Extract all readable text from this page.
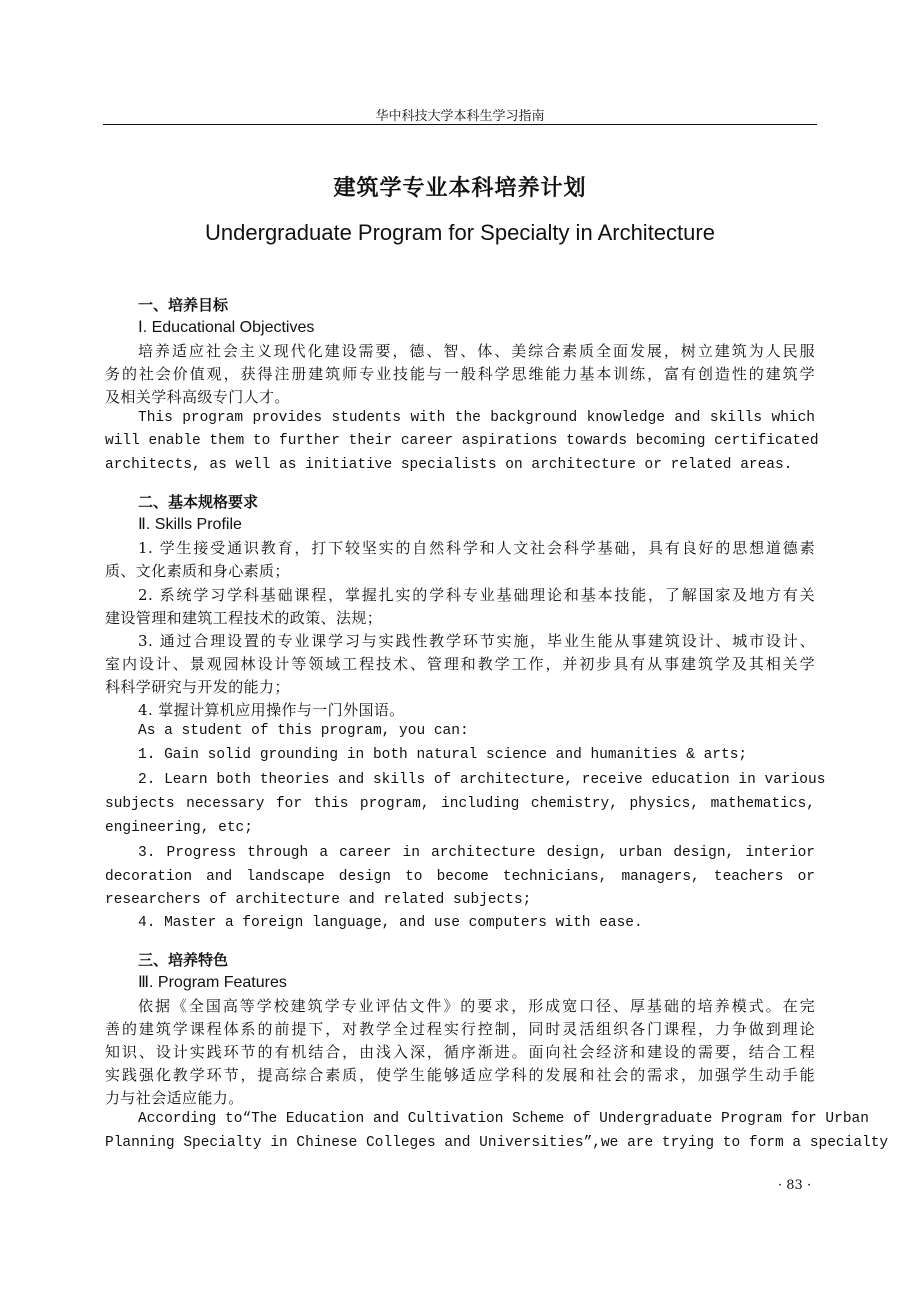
华中科技大学本科生学习指南
建筑学专业本科培养计划
Undergraduate Program for Specialty in Architecture
一、培养目标
Ⅰ. Educational Objectives
培养适应社会主义现代化建设需要，德、智、体、美综合素质全面发展，树立建筑为人民服
务的社会价值观，获得注册建筑师专业技能与一般科学思维能力基本训练，富有创造性的建筑学
及相关学科高级专门人才。
This program provides students with the background knowledge and skills which
will enable them to further their career aspirations towards becoming certificated
architects, as well as initiative specialists on architecture or related areas.
二、基本规格要求
Ⅱ. Skills Profile
1. 学生接受通识教育，打下较坚实的自然科学和人文社会科学基础，具有良好的思想道德素
质、文化素质和身心素质；
2. 系统学习学科基础课程，掌握扎实的学科专业基础理论和基本技能，了解国家及地方有关
建设管理和建筑工程技术的政策、法规；
3. 通过合理设置的专业课学习与实践性教学环节实施，毕业生能从事建筑设计、城市设计、
室内设计、景观园林设计等领域工程技术、管理和教学工作，并初步具有从事建筑学及其相关学
科科学研究与开发的能力；
4. 掌握计算机应用操作与一门外国语。
As a student of this program, you can:
1. Gain solid grounding in both natural science and humanities & arts;
2. Learn both theories and skills of architecture, receive education in various
subjects necessary for this program, including chemistry, physics, mathematics,
engineering, etc;
3. Progress through a career in architecture design, urban design, interior
decoration and landscape design to become technicians, managers, teachers or
researchers of architecture and related subjects;
4. Master a foreign language, and use computers with ease.
三、培养特色
Ⅲ. Program Features
依据《全国高等学校建筑学专业评估文件》的要求，形成宽口径、厚基础的培养模式。在完
善的建筑学课程体系的前提下，对教学全过程实行控制，同时灵活组织各门课程，力争做到理论
知识、设计实践环节的有机结合，由浅入深，循序渐进。面向社会经济和建设的需要，结合工程
实践强化教学环节，提高综合素质，使学生能够适应学科的发展和社会的需求，加强学生动手能
力与社会适应能力。
According to“The Education and Cultivation Scheme of Undergraduate Program for Urban
Planning Specialty in Chinese Colleges and Universities”,we are trying to form a specialty
· 83 ·
